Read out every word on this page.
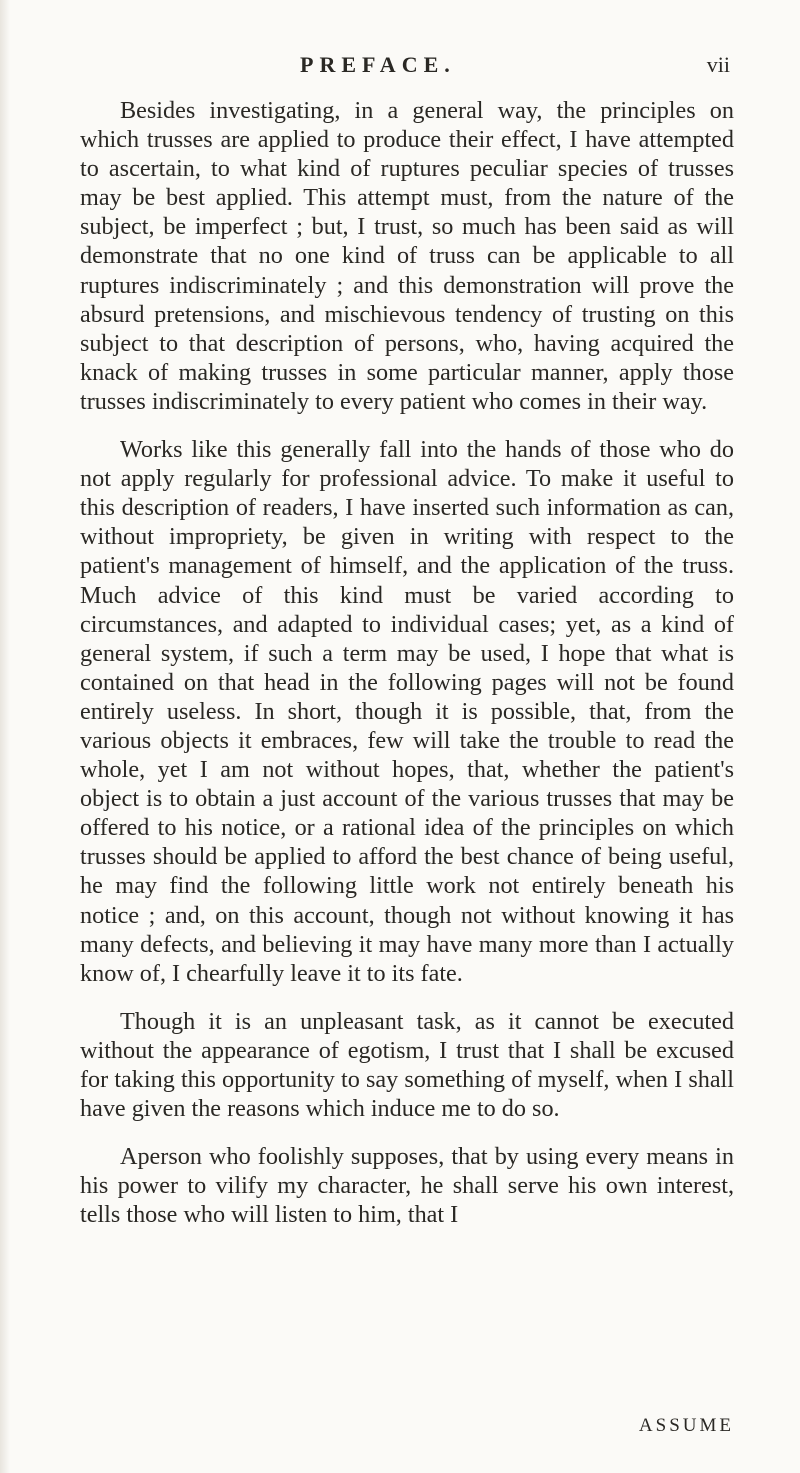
PREFACE.	vii

Besides investigating, in a general way, the principles on which trusses are applied to produce their effect, I have attempted to ascertain, to what kind of ruptures peculiar species of trusses may be best applied. This attempt must, from the nature of the subject, be imperfect ; but, I trust, so much has been said as will demonstrate that no one kind of truss can be applicable to all ruptures indiscriminately ; and this demonstration will prove the absurd pretensions, and mischievous tendency of trusting on this subject to that description of persons, who, having acquired the knack of making trusses in some particular manner, apply those trusses indiscriminately to every patient who comes in their way.

Works like this generally fall into the hands of those who do not apply regularly for professional advice. To make it useful to this description of readers, I have inserted such information as can, without impropriety, be given in writing with respect to the patient's management of himself, and the application of the truss. Much advice of this kind must be varied according to circumstances, and adapted to individual cases; yet, as a kind of general system, if such a term may be used, I hope that what is contained on that head in the following pages will not be found entirely useless. In short, though it is possible, that, from the various objects it embraces, few will take the trouble to read the whole, yet I am not without hopes, that, whether the patient's object is to obtain a just account of the various trusses that may be offered to his notice, or a rational idea of the principles on which trusses should be applied to afford the best chance of being useful, he may find the following little work not entirely beneath his notice ; and, on this account, though not without knowing it has many defects, and believing it may have many more than I actually know of, I chearfully leave it to its fate.

Though it is an unpleasant task, as it cannot be executed without the appearance of egotism, I trust that I shall be excused for taking this opportunity to say something of myself, when I shall have given the reasons which induce me to do so.

Aperson who foolishly supposes, that by using every means in his power to vilify my character, he shall serve his own interest, tells those who will listen to him, that I

ASSUME
